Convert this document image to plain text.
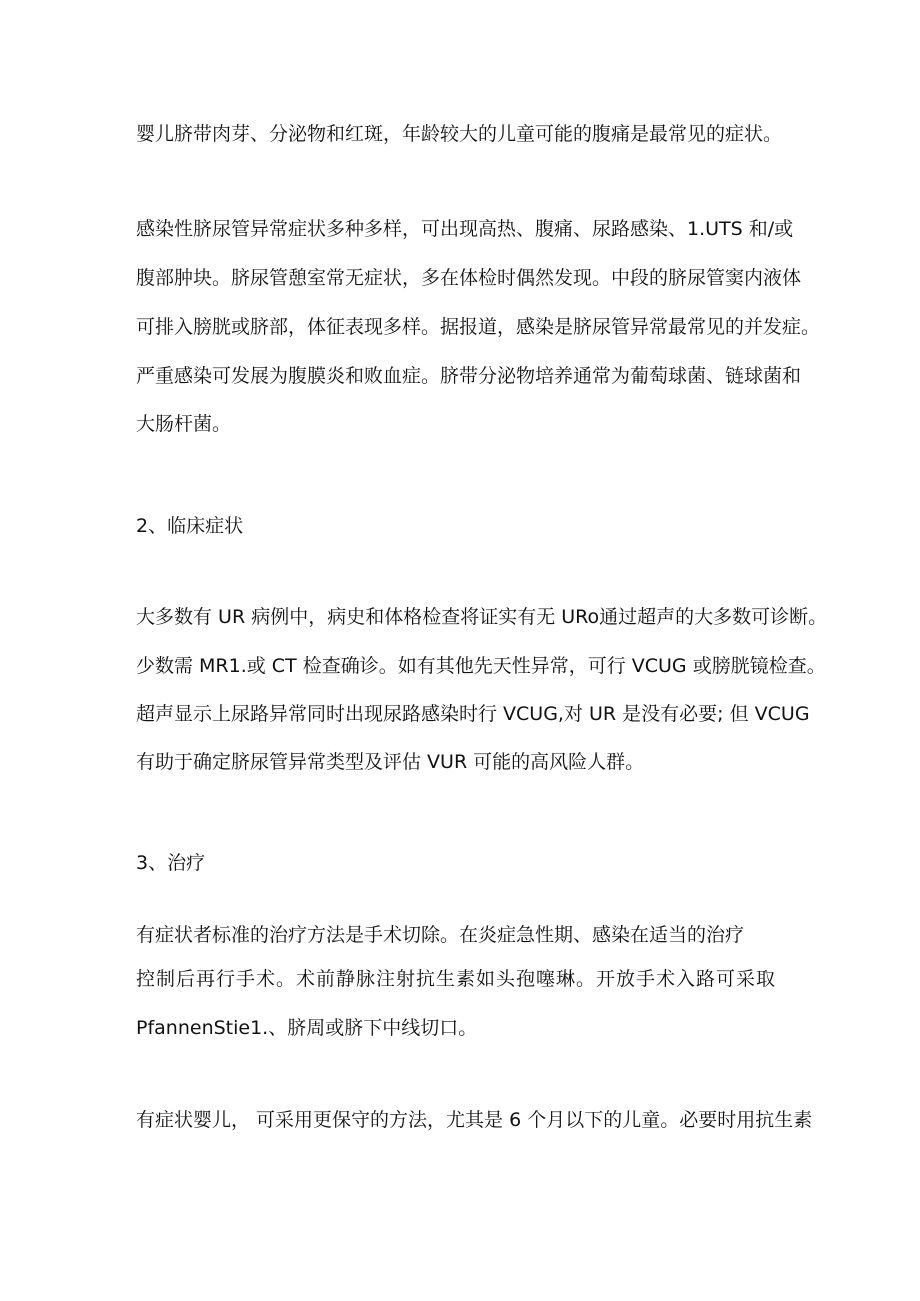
婴儿脐带肉芽、分泌物和红斑，年龄较大的儿童可能的腹痛是最常见的症状。
感染性脐尿管异常症状多种多样，可出现高热、腹痛、尿路感染、1.UTS 和/或
腹部肿块。脐尿管憩室常无症状，多在体检时偶然发现。中段的脐尿管窦内液体
可排入膀胱或脐部，体征表现多样。据报道，感染是脐尿管异常最常见的并发症。
严重感染可发展为腹膜炎和败血症。脐带分泌物培养通常为葡萄球菌、链球菌和
大肠杆菌。
2、临床症状
大多数有 UR 病例中，病史和体格检查将证实有无 URo通过超声的大多数可诊断。
少数需 MR1.或 CT 检查确诊。如有其他先天性异常，可行 VCUG 或膀胱镜检查。
超声显示上尿路异常同时出现尿路感染时行 VCUG,对 UR 是没有必要; 但 VCUG
有助于确定脐尿管异常类型及评估 VUR 可能的高风险人群。
3、治疗
有症状者标准的治疗方法是手术切除。在炎症急性期、感染在适当的治疗
控制后再行手术。术前静脉注射抗生素如头孢噻琳。开放手术入路可采取
PfannenStie1.、脐周或脐下中线切口。
有症状婴儿， 可采用更保守的方法，尤其是 6 个月以下的儿童。必要时用抗生素
